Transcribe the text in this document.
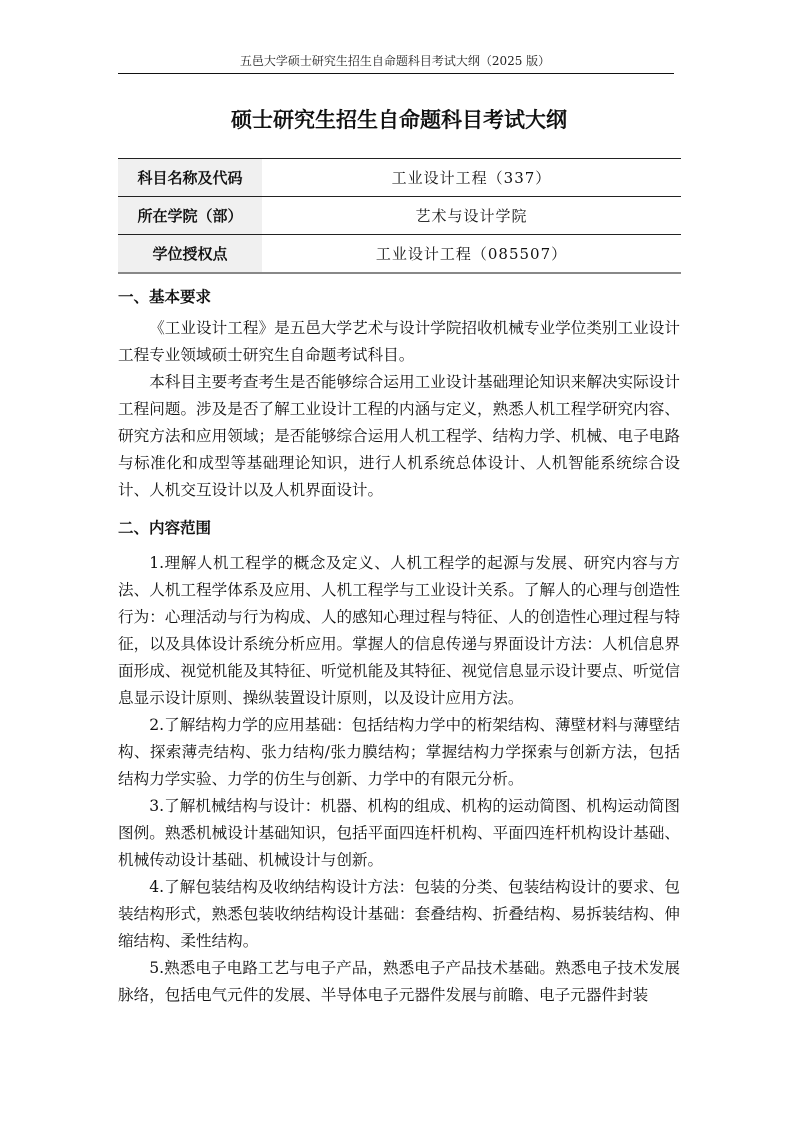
五邑大学硕士研究生招生自命题科目考试大纲（2025 版）
硕士研究生招生自命题科目考试大纲
科目名称及代码	工业设计工程（337）
所在学院（部）	艺术与设计学院
学位授权点	工业设计工程（085507）
一、基本要求

《工业设计工程》是五邑大学艺术与设计学院招收机械专业学位类别工业设计工程专业领域硕士研究生自命题考试科目。

本科目主要考查考生是否能够综合运用工业设计基础理论知识来解决实际设计工程问题。涉及是否了解工业设计工程的内涵与定义，熟悉人机工程学研究内容、研究方法和应用领域；是否能够综合运用人机工程学、结构力学、机械、电子电路与标准化和成型等基础理论知识，进行人机系统总体设计、人机智能系统综合设计、人机交互设计以及人机界面设计。

二、内容范围

1.理解人机工程学的概念及定义、人机工程学的起源与发展、研究内容与方法、人机工程学体系及应用、人机工程学与工业设计关系。了解人的心理与创造性行为：心理活动与行为构成、人的感知心理过程与特征、人的创造性心理过程与特征，以及具体设计系统分析应用。掌握人的信息传递与界面设计方法：人机信息界面形成、视觉机能及其特征、听觉机能及其特征、视觉信息显示设计要点、听觉信息显示设计原则、操纵装置设计原则，以及设计应用方法。

2.了解结构力学的应用基础：包括结构力学中的桁架结构、薄壁材料与薄壁结构、探索薄壳结构、张力结构/张力膜结构；掌握结构力学探索与创新方法，包括结构力学实验、力学的仿生与创新、力学中的有限元分析。

3.了解机械结构与设计：机器、机构的组成、机构的运动简图、机构运动简图图例。熟悉机械设计基础知识，包括平面四连杆机构、平面四连杆机构设计基础、机械传动设计基础、机械设计与创新。

4.了解包装结构及收纳结构设计方法：包装的分类、包装结构设计的要求、包装结构形式，熟悉包装收纳结构设计基础：套叠结构、折叠结构、易拆装结构、伸缩结构、柔性结构。

5.熟悉电子电路工艺与电子产品，熟悉电子产品技术基础。熟悉电子技术发展脉络，包括电气元件的发展、半导体电子元器件发展与前瞻、电子元器件封装
